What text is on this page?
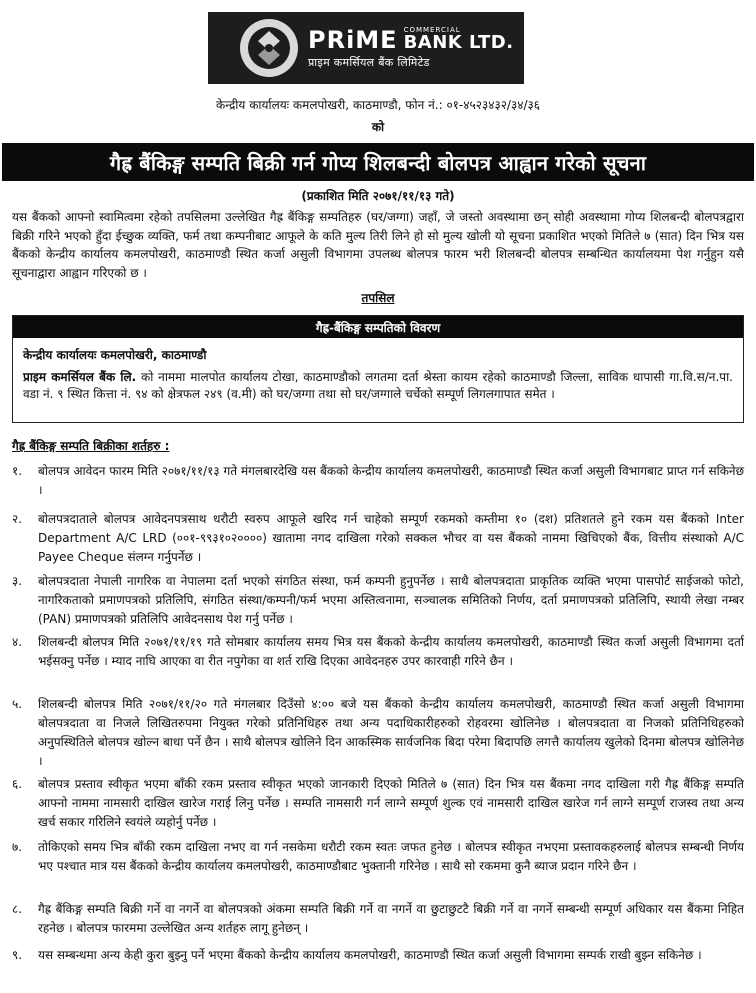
PRiME COMMERCIAL
BANK LTD.
प्राइम कमर्सियल बैंक लिमिटेड
केन्द्रीय कार्यालयः कमलपोखरी, काठमाण्डौ, फोन नं.: ०१-४५२३४३२/३४/३६
को
गैह्र बैंकिङ्ग सम्पति बिक्री गर्न गोप्य शिलबन्दी बोलपत्र आह्वान गरेको सूचना
(प्रकाशित मिति २०७१/११/१३ गते)
यस बैंकको आफ्नो स्वामित्वमा रहेको तपसिलमा उल्लेखित गैह्र बैंकिङ्ग सम्पतिहरु (घर/जग्गा) जहाँ, जे जस्तो अवस्थामा छन् सोही अवस्थामा गोप्य शिलबन्दी बोलपत्रद्वारा बिक्री गरिने भएको हुँदा ईच्छुक व्यक्ति, फर्म तथा कम्पनीबाट आफूले के कति मुल्य तिरी लिने हो सो मुल्य खोली यो सूचना प्रकाशित भएको मितिले ७ (सात) दिन भित्र यस बैंकको केन्द्रीय कार्यालय कमलपोखरी, काठमाण्डौ स्थित कर्जा असुली विभागमा उपलब्ध बोलपत्र फारम भरी शिलबन्दी बोलपत्र सम्बन्धित कार्यालयमा पेश गर्नुहुन यसै सूचनाद्वारा आह्वान गरिएको छ ।
तपसिल
गैह्र-बैंकिङ्ग सम्पतिको विवरण
केन्द्रीय कार्यालयः कमलपोखरी, काठमाण्डौ
प्राइम कमर्सियल बैंक लि. को नाममा मालपोत कार्यालय टोखा, काठमाण्डौको लगतमा दर्ता श्रेस्ता कायम रहेको काठमाण्डौ जिल्ला, साविक धापासी गा.वि.स/न.पा. वडा नं. ९ स्थित कित्ता नं. ९४ को क्षेत्रफल २४९ (व.मी) को घर/जग्गा तथा सो घर/जग्गाले चर्चेको सम्पूर्ण लिगलगापात समेत ।
गैह्र बैंकिङ्ग सम्पति बिक्रीका शर्तहरु :
१.	बोलपत्र आवेदन फारम मिति २०७१/११/१३ गते मंगलबारदेखि यस बैंकको केन्द्रीय कार्यालय कमलपोखरी, काठमाण्डौ स्थित कर्जा असुली विभागबाट प्राप्त गर्न सकिनेछ ।
२.	बोलपत्रदाताले बोलपत्र आवेदनपत्रसाथ धरौटी स्वरुप आफूले खरिद गर्न चाहेको सम्पूर्ण रकमको कम्तीमा १० (दश) प्रतिशतले हुने रकम यस बैंकको Inter Department A/C LRD (००१-९९३१०२००००) खातामा नगद दाखिला गरेको सक्कल भौचर वा यस बैंकको नाममा खिचिएको बैंक, वित्तीय संस्थाको A/C Payee Cheque संलग्न गर्नुपर्नेछ ।
३.	बोलपत्रदाता नेपाली नागरिक वा नेपालमा दर्ता भएको संगठित संस्था, फर्म कम्पनी हुनुपर्नेछ । साथै बोलपत्रदाता प्राकृतिक व्यक्ति भएमा पासपोर्ट साईजको फोटो, नागरिकताको प्रमाणपत्रको प्रतिलिपि, संगठित संस्था/कम्पनी/फर्म भएमा अस्तित्वनामा, सञ्चालक समितिको निर्णय, दर्ता प्रमाणपत्रको प्रतिलिपि, स्थायी लेखा नम्बर (PAN) प्रमाणपत्रको प्रतिलिपि आवेदनसाथ पेश गर्नु पर्नेछ ।
४.	शिलबन्दी बोलपत्र मिति २०७१/११/१९ गते सोमबार कार्यालय समय भित्र यस बैंकको केन्द्रीय कार्यालय कमलपोखरी, काठमाण्डौ स्थित कर्जा असुली विभागमा दर्ता भईसक्नु पर्नेछ । म्याद नाघि आएका वा रीत नपुगेका वा शर्त राखि दिएका आवेदनहरु उपर कारवाही गरिने छैन ।
५.	शिलबन्दी बोलपत्र मिति २०७१/११/२० गते मंगलबार दिउँसो ४:०० बजे यस बैंकको केन्द्रीय कार्यालय कमलपोखरी, काठमाण्डौ स्थित कर्जा असुली विभागमा बोलपत्रदाता वा निजले लिखितरुपमा नियुक्त गरेको प्रतिनिधिहरु तथा अन्य पदाधिकारीहरुको रोहवरमा खोलिनेछ । बोलपत्रदाता वा निजको प्रतिनिधिहरुको अनुपस्थितिले बोलपत्र खोल्न बाधा पर्ने छैन । साथै बोलपत्र खोलिने दिन आकस्मिक सार्वजनिक बिदा परेमा बिदापछि लगत्तै कार्यालय खुलेको दिनमा बोलपत्र खोलिनेछ ।
६.	बोलपत्र प्रस्ताव स्वीकृत भएमा बाँकी रकम प्रस्ताव स्वीकृत भएको जानकारी दिएको मितिले ७ (सात) दिन भित्र यस बैंकमा नगद दाखिला गरी गैह्र बैंकिङ्ग सम्पति आफ्नो नाममा नामसारी दाखिल खारेज गराई लिनु पर्नेछ । सम्पति नामसारी गर्न लाग्ने सम्पूर्ण शुल्क एवं नामसारी दाखिल खारेज गर्न लाग्ने सम्पूर्ण राजस्व तथा अन्य खर्च सकार गरिलिने स्वयंले व्यहोर्नु पर्नेछ ।
७.	तोकिएको समय भित्र बाँकी रकम दाखिला नभए वा गर्न नसकेमा धरौटी रकम स्वतः जफत हुनेछ । बोलपत्र स्वीकृत नभएमा प्रस्तावकहरुलाई बोलपत्र सम्बन्धी निर्णय भए पश्चात मात्र यस बैंकको केन्द्रीय कार्यालय कमलपोखरी, काठमाण्डौबाट भुक्तानी गरिनेछ । साथै सो रकममा कुनै ब्याज प्रदान गरिने छैन ।
८.	गैह्र बैंकिङ्ग सम्पति बिक्री गर्ने वा नगर्ने वा बोलपत्रको अंकमा सम्पति बिक्री गर्ने वा नगर्ने वा छुटाछुटटै बिक्री गर्ने वा नगर्ने सम्बन्धी सम्पूर्ण अधिकार यस बैंकमा निहित रहनेछ । बोलपत्र फारममा उल्लेखित अन्य शर्तहरु लागू हुनेछन् ।
९.	यस सम्बन्धमा अन्य केही कुरा बुझ्नु पर्ने भएमा बैंकको केन्द्रीय कार्यालय कमलपोखरी, काठमाण्डौ स्थित कर्जा असुली विभागमा सम्पर्क राखी बुझ्न सकिनेछ ।
